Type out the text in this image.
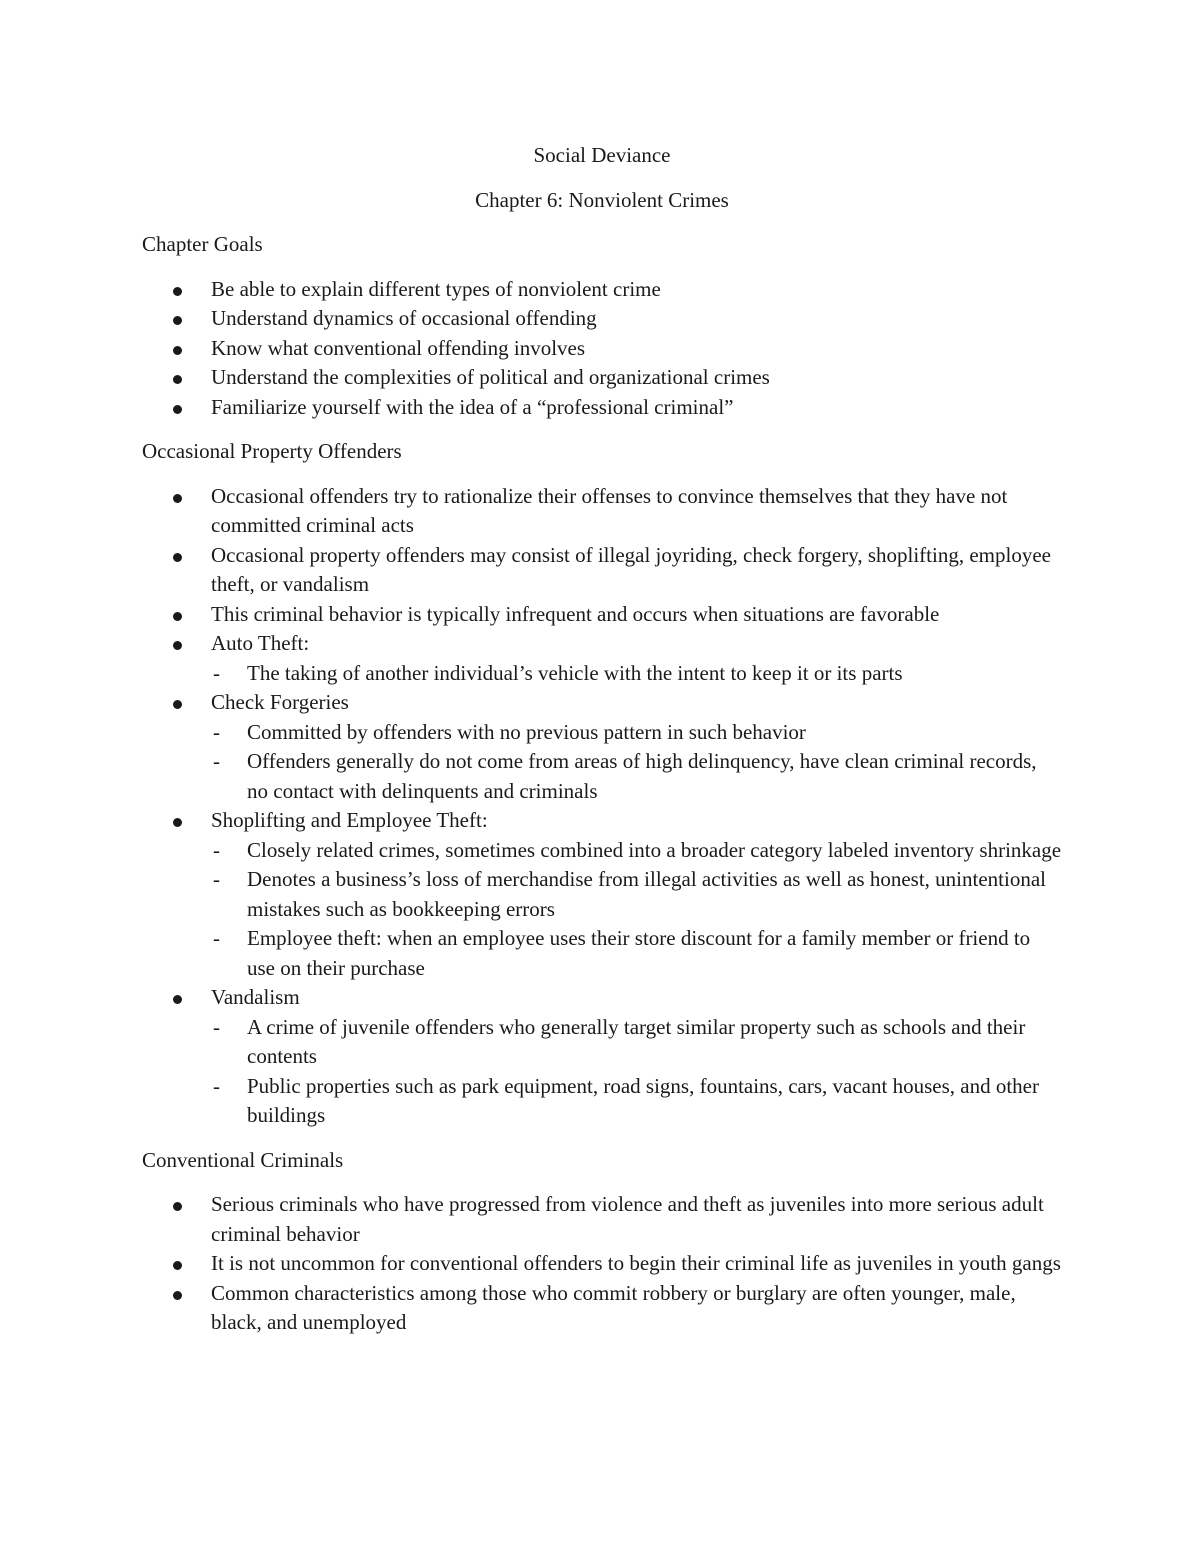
Social Deviance

Chapter 6: Nonviolent Crimes

Chapter Goals

Be able to explain different types of nonviolent crime
Understand dynamics of occasional offending
Know what conventional offending involves
Understand the complexities of political and organizational crimes
Familiarize yourself with the idea of a “professional criminal”

Occasional Property Offenders

Occasional offenders try to rationalize their offenses to convince themselves that they have not committed criminal acts
Occasional property offenders may consist of illegal joyriding, check forgery, shoplifting, employee theft, or vandalism
This criminal behavior is typically infrequent and occurs when situations are favorable
Auto Theft:
- The taking of another individual’s vehicle with the intent to keep it or its parts
Check Forgeries
- Committed by offenders with no previous pattern in such behavior
- Offenders generally do not come from areas of high delinquency, have clean criminal records, no contact with delinquents and criminals
Shoplifting and Employee Theft:
- Closely related crimes, sometimes combined into a broader category labeled inventory shrinkage
- Denotes a business’s loss of merchandise from illegal activities as well as honest, unintentional mistakes such as bookkeeping errors
- Employee theft: when an employee uses their store discount for a family member or friend to use on their purchase
Vandalism
- A crime of juvenile offenders who generally target similar property such as schools and their contents
- Public properties such as park equipment, road signs, fountains, cars, vacant houses, and other buildings

Conventional Criminals

Serious criminals who have progressed from violence and theft as juveniles into more serious adult criminal behavior
It is not uncommon for conventional offenders to begin their criminal life as juveniles in youth gangs
Common characteristics among those who commit robbery or burglary are often younger, male, black, and unemployed
